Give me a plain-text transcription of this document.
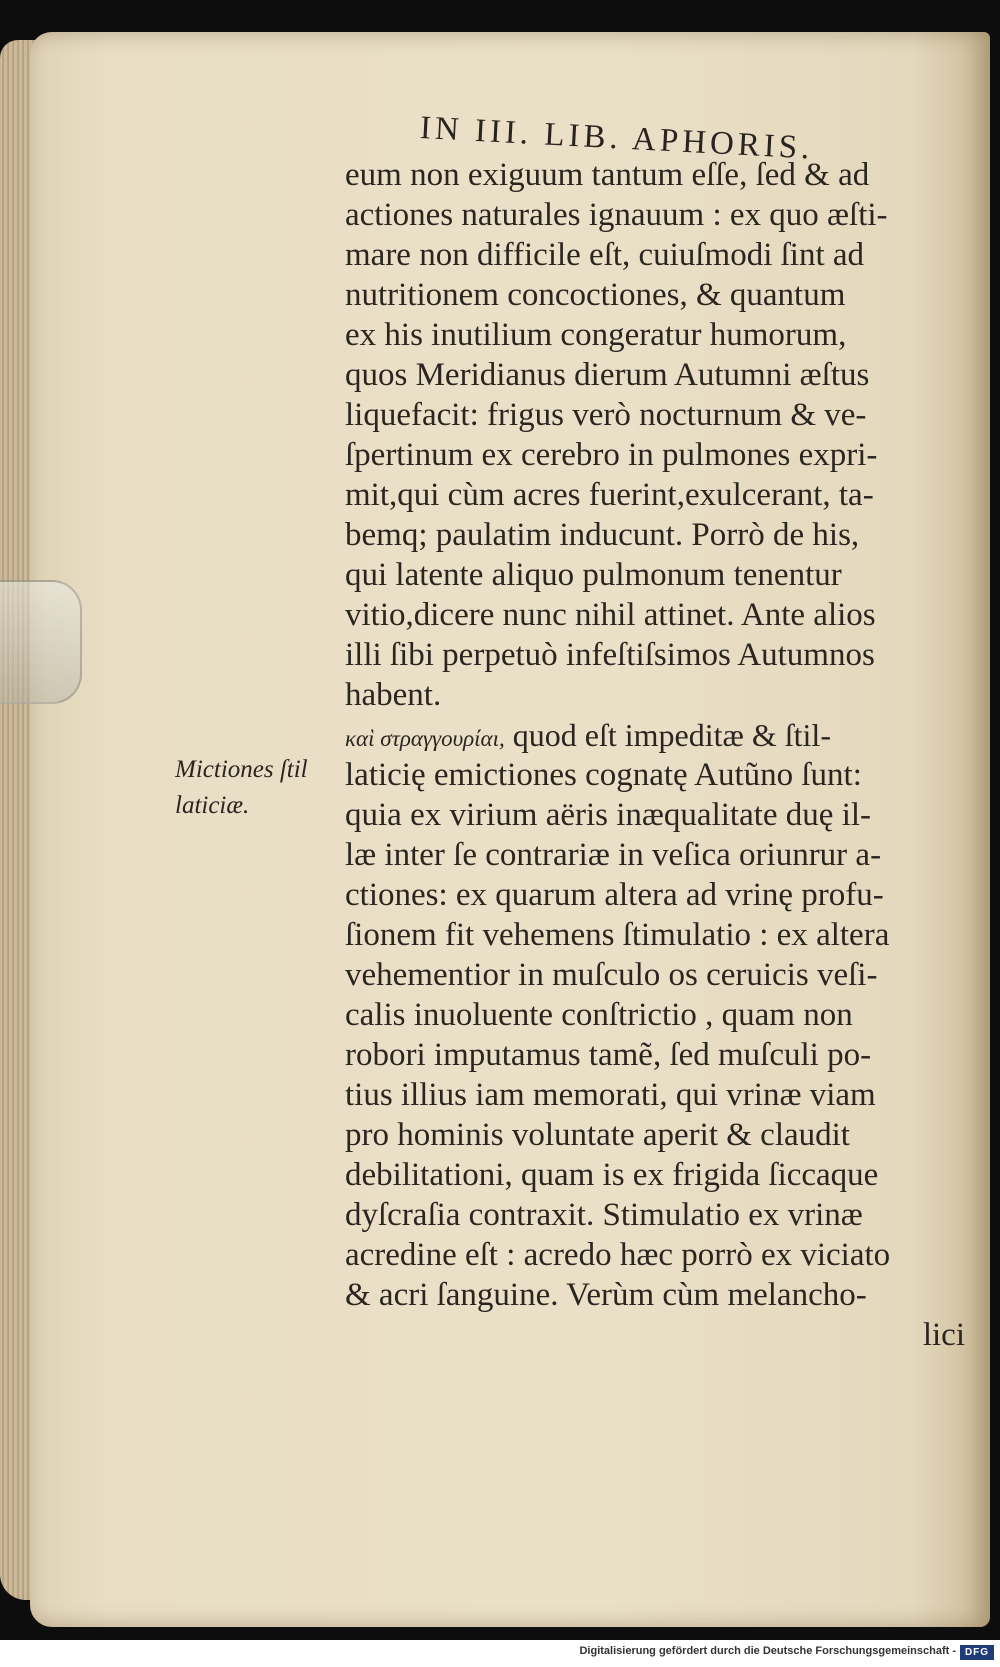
IN III. LIB. APHORIS.
eum non exiguum tantum eſſe, ſed & ad
actiones naturales ignauum : ex quo æſti-
mare non difficile eſt, cuiuſmodi ſint ad
nutritionem concoctiones, & quantum
ex his inutilium congeratur humorum,
quos Meridianus dierum Autumni æſtus
liquefacit: frigus verò nocturnum & ve-
ſpertinum ex cerebro in pulmones expri-
mit,qui cùm acres fuerint,exulcerant, ta-
bemq; paulatim inducunt. Porrò de his,
qui latente aliquo pulmonum tenentur
vitio,dicere nunc nihil attinet. Ante alios
illi ſibi perpetuò infeſtiſsimos Autumnos
habent.
καὶ στραγγουρίαι, quod eſt impeditæ & ſtil-
laticię emictiones cognatę Autũno ſunt:
quia ex virium aëris inæqualitate duę il-
læ inter ſe contrariæ in veſica oriunrur a-
ctiones: ex quarum altera ad vrinę profu-
ſionem fit vehemens ſtimulatio : ex altera
vehementior in muſculo os ceruicis veſi-
calis inuoluente conſtrictio , quam non
robori imputamus tamẽ, ſed muſculi po-
tius illius iam memorati, qui vrinæ viam
pro hominis voluntate aperit & claudit
debilitationi, quam is ex frigida ſiccaque
dyſcraſia contraxit. Stimulatio ex vrinæ
acredine eſt : acredo hæc porrò ex viciato
& acri ſanguine. Verùm cùm melancho-
lici
Mictiones ſtil
laticiæ.
Digitalisierung gefördert durch die Deutsche Forschungsgemeinschaft - DFG
